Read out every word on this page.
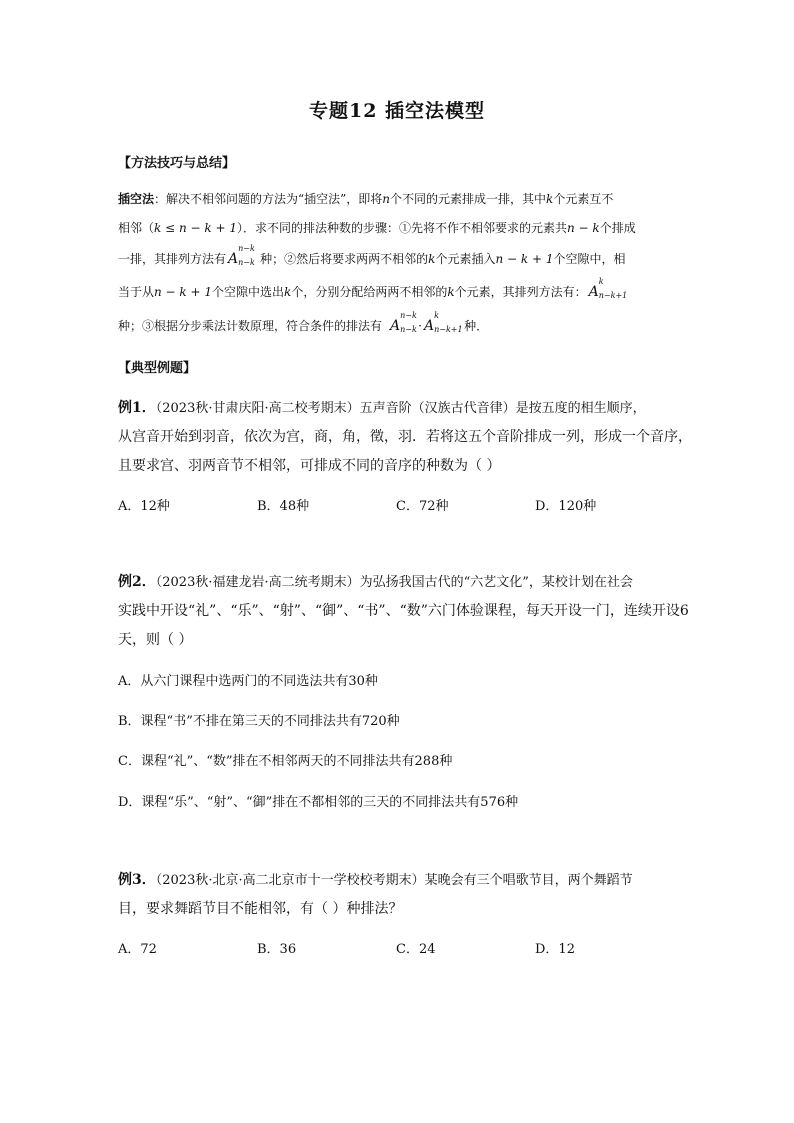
专题12 插空法模型
【方法技巧与总结】
插空法：解决不相邻问题的方法为“插空法”，即将n个不同的元素排成一排，其中k个元素互不
相邻（k ≤ n − k + 1）．求不同的排法种数的步骤：①先将不作不相邻要求的元素共n − k个排成
一排，其排列方法有 A
n−k
n−k 种；②然后将要求两两不相邻的k个元素插入n − k + 1个空隙中，相
当于从n − k + 1个空隙中选出k个，分别分配给两两不相邻的k个元素，其排列方法有： A
k
n−k+1
种；③根据分步乘法计数原理，符合条件的排法有 A
n−k
n−k · A
k
n−k+1 种．
【典型例题】
例1．（2023秋·甘肃庆阳·高二校考期末）五声音阶（汉族古代音律）是按五度的相生顺序，
从宫音开始到羽音，依次为宫，商，角，徵，羽．若将这五个音阶排成一列，形成一个音序，
且要求宫、羽两音节不相邻，可排成不同的音序的种数为（ ）
A．12种	B．48种	C．72种	D．120种
例2．（2023秋·福建龙岩·高二统考期末）为弘扬我国古代的“六艺文化”，某校计划在社会
实践中开设“礼”、“乐”、“射”、“御”、“书”、“数”六门体验课程，每天开设一门，连续开设6
天，则（ ）
A．从六门课程中选两门的不同选法共有30种
B．课程“书”不排在第三天的不同排法共有720种
C．课程“礼”、“数”排在不相邻两天的不同排法共有288种
D．课程“乐”、“射”、“御”排在不都相邻的三天的不同排法共有576种
例3．（2023秋·北京·高二北京市十一学校校考期末）某晚会有三个唱歌节目，两个舞蹈节
目，要求舞蹈节目不能相邻，有（ ）种排法？
A．72	B．36	C．24	D．12
